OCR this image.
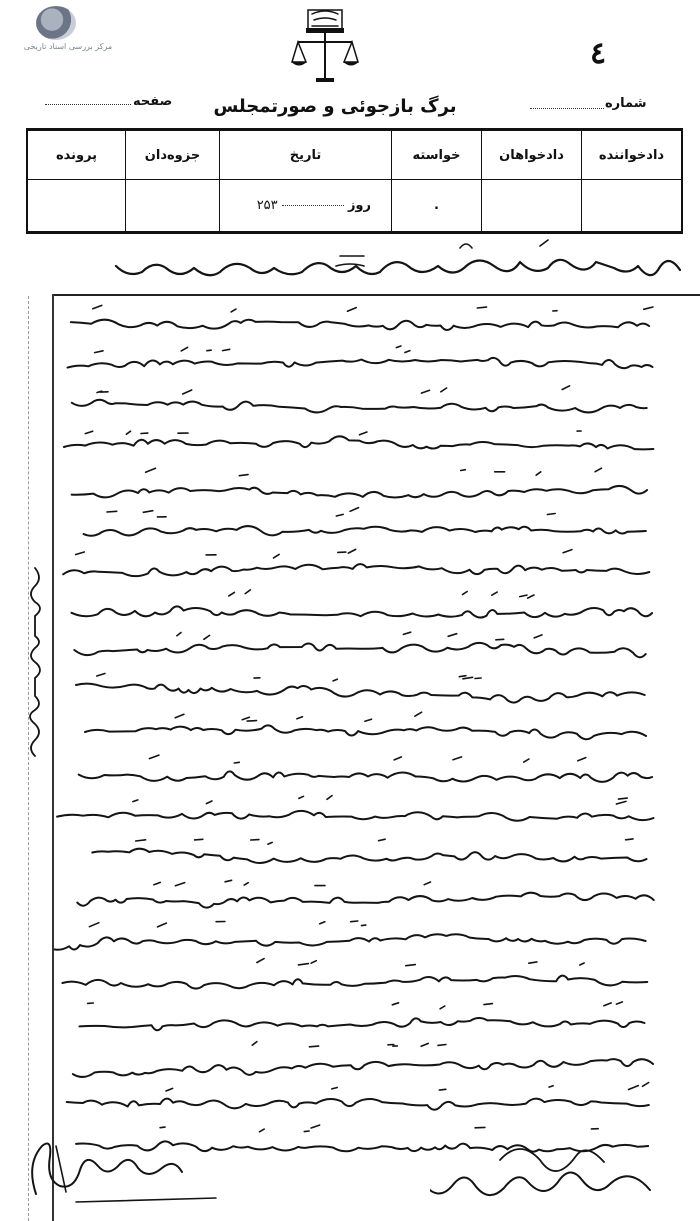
مرکز بررسی اسناد تاریخی	٤
شماره
برگ بازجوئی و صورتمجلس
صفحه
دادخواننده	دادخواهان	خواسته	تاریخ	جزوه‌دان	پرونده
		.	روز  ۲۵۳		
